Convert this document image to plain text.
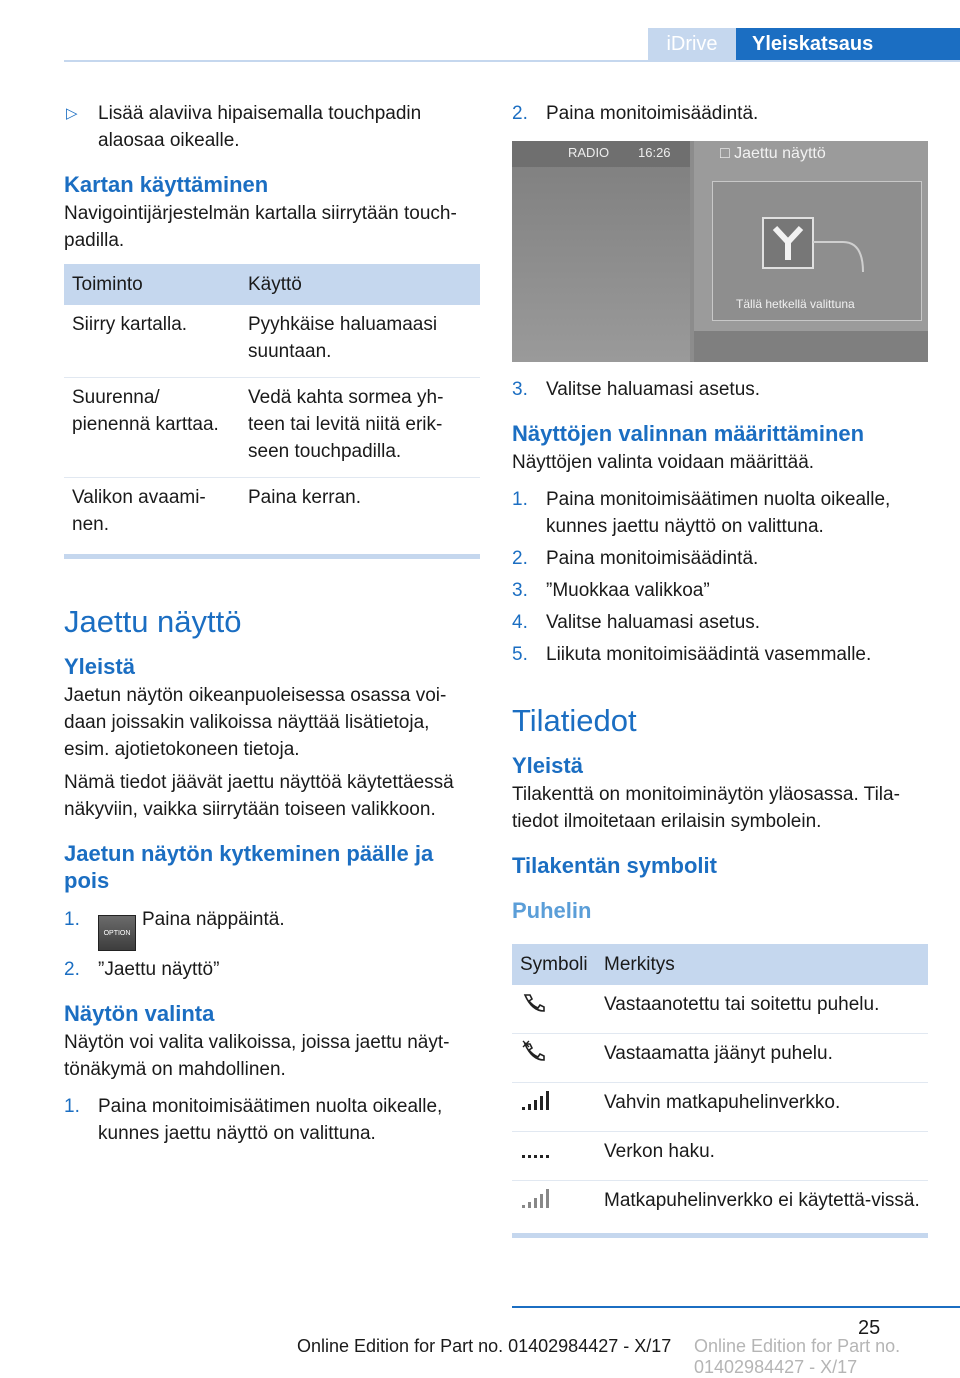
iDrive	Yleiskatsaus
▷ Lisää alaviiva hipaisemalla touchpadin alaosaa oikealle.
Kartan käyttäminen
Navigointijärjestelmän kartalla siirrytään touch-padilla.
Toiminto	Käyttö
Siirry kartalla.	Pyyhkäise haluamaasi suuntaan.
Suurenna/ pienennä karttaa.	Vedä kahta sormea yh-teen tai levitä niitä erik-seen touchpadilla.
Valikon avaami-nen.	Paina kerran.
Jaettu näyttö
Yleistä
Jaetun näytön oikeanpuoleisessa osassa voi-daan joissakin valikoissa näyttää lisätietoja, esim. ajotietokoneen tietoja.
Nämä tiedot jäävät jaettu näyttöä käytettäessä näkyviin, vaikka siirrytään toiseen valikkoon.
Jaetun näytön kytkeminen päälle ja pois
1.
OPTIONPaina näppäintä.
2. ”Jaettu näyttö”
Näytön valinta
Näytön voi valita valikoissa, joissa jaettu näyt-tönäkymä on mahdollinen.
1. Paina monitoimisäätimen nuolta oikealle, kunnes jaettu näyttö on valittuna.
2. Paina monitoimisäädintä.
RADIO 16:26	□ Jaettu näyttö
Tällä hetkellä valittuna
3. Valitse haluamasi asetus.
Näyttöjen valinnan määrittäminen
Näyttöjen valinta voidaan määrittää.
1. Paina monitoimisäätimen nuolta oikealle, kunnes jaettu näyttö on valittuna.
2. Paina monitoimisäädintä.
3. ”Muokkaa valikkoa”
4. Valitse haluamasi asetus.
5. Liikuta monitoimisäädintä vasemmalle.
Tilatiedot
Yleistä
Tilakenttä on monitoiminäytön yläosassa. Tila-tiedot ilmoitetaan erilaisin symbolein.
Tilakentän symbolit
Puhelin
Symboli	Merkitys
	Vastaanotettu tai soitettu puhelu.
	Vastaamatta jäänyt puhelu.
	Vahvin matkapuhelinverkko.
	Verkon haku.
	Matkapuhelinverkko ei käytettä-vissä.
25
Online Edition for Part no. 01402984427 - X/17 Online Edition for Part no. 01402984427 - X/17
